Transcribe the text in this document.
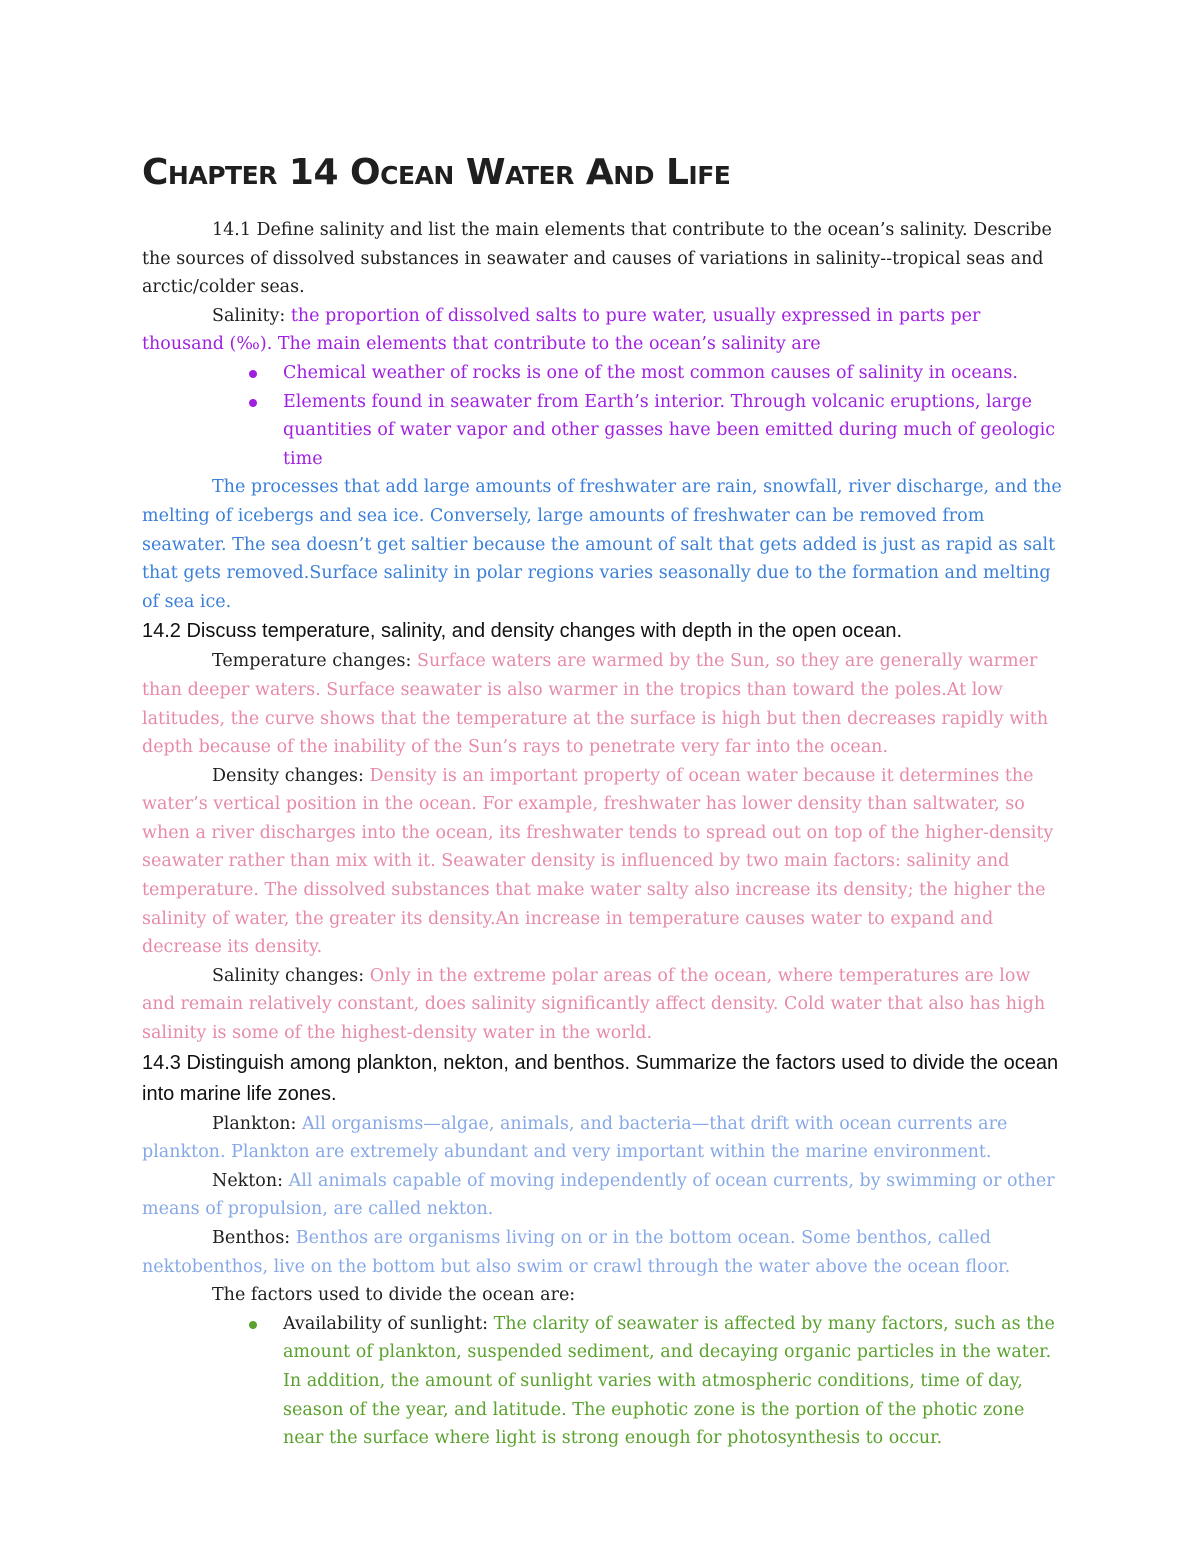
Chapter 14 Ocean Water And Life

14.1 Define salinity and list the main elements that contribute to the ocean’s salinity. Describe the sources of dissolved substances in seawater and causes of variations in salinity--tropical seas and arctic/colder seas.

Salinity: the proportion of dissolved salts to pure water, usually expressed in parts per thousand (‰). The main elements that contribute to the ocean’s salinity are

Chemical weather of rocks is one of the most common causes of salinity in oceans.
Elements found in seawater from Earth’s interior. Through volcanic eruptions, large quantities of water vapor and other gasses have been emitted during much of geologic time

The processes that add large amounts of freshwater are rain, snowfall, river discharge, and the melting of icebergs and sea ice. Conversely, large amounts of freshwater can be removed from seawater. The sea doesn’t get saltier because the amount of salt that gets added is just as rapid as salt that gets removed.Surface salinity in polar regions varies seasonally due to the formation and melting of sea ice.

14.2 Discuss temperature, salinity, and density changes with depth in the open ocean.

Temperature changes: Surface waters are warmed by the Sun, so they are generally warmer than deeper waters. Surface seawater is also warmer in the tropics than toward the poles.At low latitudes, the curve shows that the temperature at the surface is high but then decreases rapidly with depth because of the inability of the Sun’s rays to penetrate very far into the ocean.

Density changes: Density is an important property of ocean water because it determines the water’s vertical position in the ocean. For example, freshwater has lower density than saltwater, so when a river discharges into the ocean, its freshwater tends to spread out on top of the higher-density seawater rather than mix with it. Seawater density is influenced by two main factors: salinity and temperature. The dissolved substances that make water salty also increase its density; the higher the salinity of water, the greater its density.An increase in temperature causes water to expand and decrease its density.

Salinity changes: Only in the extreme polar areas of the ocean, where temperatures are low and remain relatively constant, does salinity significantly affect density. Cold water that also has high salinity is some of the highest-density water in the world.

14.3 Distinguish among plankton, nekton, and benthos. Summarize the factors used to divide the ocean into marine life zones.

Plankton: All organisms—algae, animals, and bacteria—that drift with ocean currents are plankton. Plankton are extremely abundant and very important within the marine environment.

Nekton: All animals capable of moving independently of ocean currents, by swimming or other means of propulsion, are called nekton.

Benthos: Benthos are organisms living on or in the bottom ocean. Some benthos, called nektobenthos, live on the bottom but also swim or crawl through the water above the ocean floor.

The factors used to divide the ocean are:

Availability of sunlight: The clarity of seawater is affected by many factors, such as the amount of plankton, suspended sediment, and decaying organic particles in the water. In addition, the amount of sunlight varies with atmospheric conditions, time of day, season of the year, and latitude. The euphotic zone is the portion of the photic zone near the surface where light is strong enough for photosynthesis to occur.
